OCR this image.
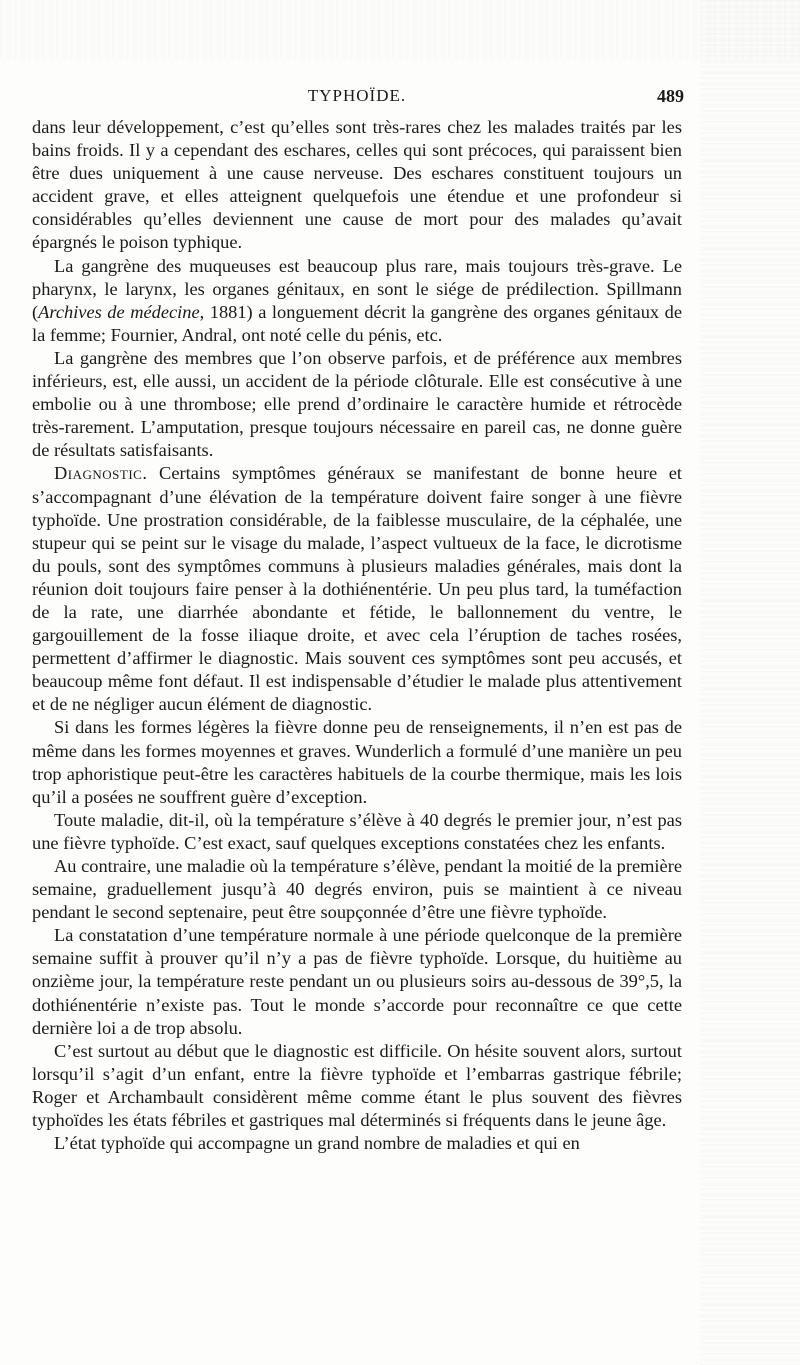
TYPHOÏDE.	489

dans leur développement, c’est qu’elles sont très-rares chez les malades traités par les bains froids. Il y a cependant des eschares, celles qui sont précoces, qui paraissent bien être dues uniquement à une cause nerveuse. Des eschares constituent toujours un accident grave, et elles atteignent quelquefois une étendue et une profondeur si considérables qu’elles deviennent une cause de mort pour des malades qu’avait épargnés le poison typhique.

La gangrène des muqueuses est beaucoup plus rare, mais toujours très-grave. Le pharynx, le larynx, les organes génitaux, en sont le siége de prédilection. Spillmann (Archives de médecine, 1881) a longuement décrit la gangrène des organes génitaux de la femme; Fournier, Andral, ont noté celle du pénis, etc.

La gangrène des membres que l’on observe parfois, et de préférence aux membres inférieurs, est, elle aussi, un accident de la période clôturale. Elle est consécutive à une embolie ou à une thrombose; elle prend d’ordinaire le caractère humide et rétrocède très-rarement. L’amputation, presque toujours nécessaire en pareil cas, ne donne guère de résultats satisfaisants.

Diagnostic. Certains symptômes généraux se manifestant de bonne heure et s’accompagnant d’une élévation de la température doivent faire songer à une fièvre typhoïde. Une prostration considérable, de la faiblesse musculaire, de la céphalée, une stupeur qui se peint sur le visage du malade, l’aspect vultueux de la face, le dicrotisme du pouls, sont des symptômes communs à plusieurs maladies générales, mais dont la réunion doit toujours faire penser à la dothiénentérie. Un peu plus tard, la tuméfaction de la rate, une diarrhée abondante et fétide, le ballonnement du ventre, le gargouillement de la fosse iliaque droite, et avec cela l’éruption de taches rosées, permettent d’affirmer le diagnostic. Mais souvent ces symptômes sont peu accusés, et beaucoup même font défaut. Il est indispensable d’étudier le malade plus attentivement et de ne négliger aucun élément de diagnostic.

Si dans les formes légères la fièvre donne peu de renseignements, il n’en est pas de même dans les formes moyennes et graves. Wunderlich a formulé d’une manière un peu trop aphoristique peut-être les caractères habituels de la courbe thermique, mais les lois qu’il a posées ne souffrent guère d’exception.

Toute maladie, dit-il, où la température s’élève à 40 degrés le premier jour, n’est pas une fièvre typhoïde. C’est exact, sauf quelques exceptions constatées chez les enfants.

Au contraire, une maladie où la température s’élève, pendant la moitié de la première semaine, graduellement jusqu’à 40 degrés environ, puis se maintient à ce niveau pendant le second septenaire, peut être soupçonnée d’être une fièvre typhoïde.

La constatation d’une température normale à une période quelconque de la première semaine suffit à prouver qu’il n’y a pas de fièvre typhoïde. Lorsque, du huitième au onzième jour, la température reste pendant un ou plusieurs soirs au-dessous de 39°,5, la dothiénentérie n’existe pas. Tout le monde s’accorde pour reconnaître ce que cette dernière loi a de trop absolu.

C’est surtout au début que le diagnostic est difficile. On hésite souvent alors, surtout lorsqu’il s’agit d’un enfant, entre la fièvre typhoïde et l’embarras gastrique fébrile; Roger et Archambault considèrent même comme étant le plus souvent des fièvres typhoïdes les états fébriles et gastriques mal déterminés si fréquents dans le jeune âge.

L’état typhoïde qui accompagne un grand nombre de maladies et qui en
